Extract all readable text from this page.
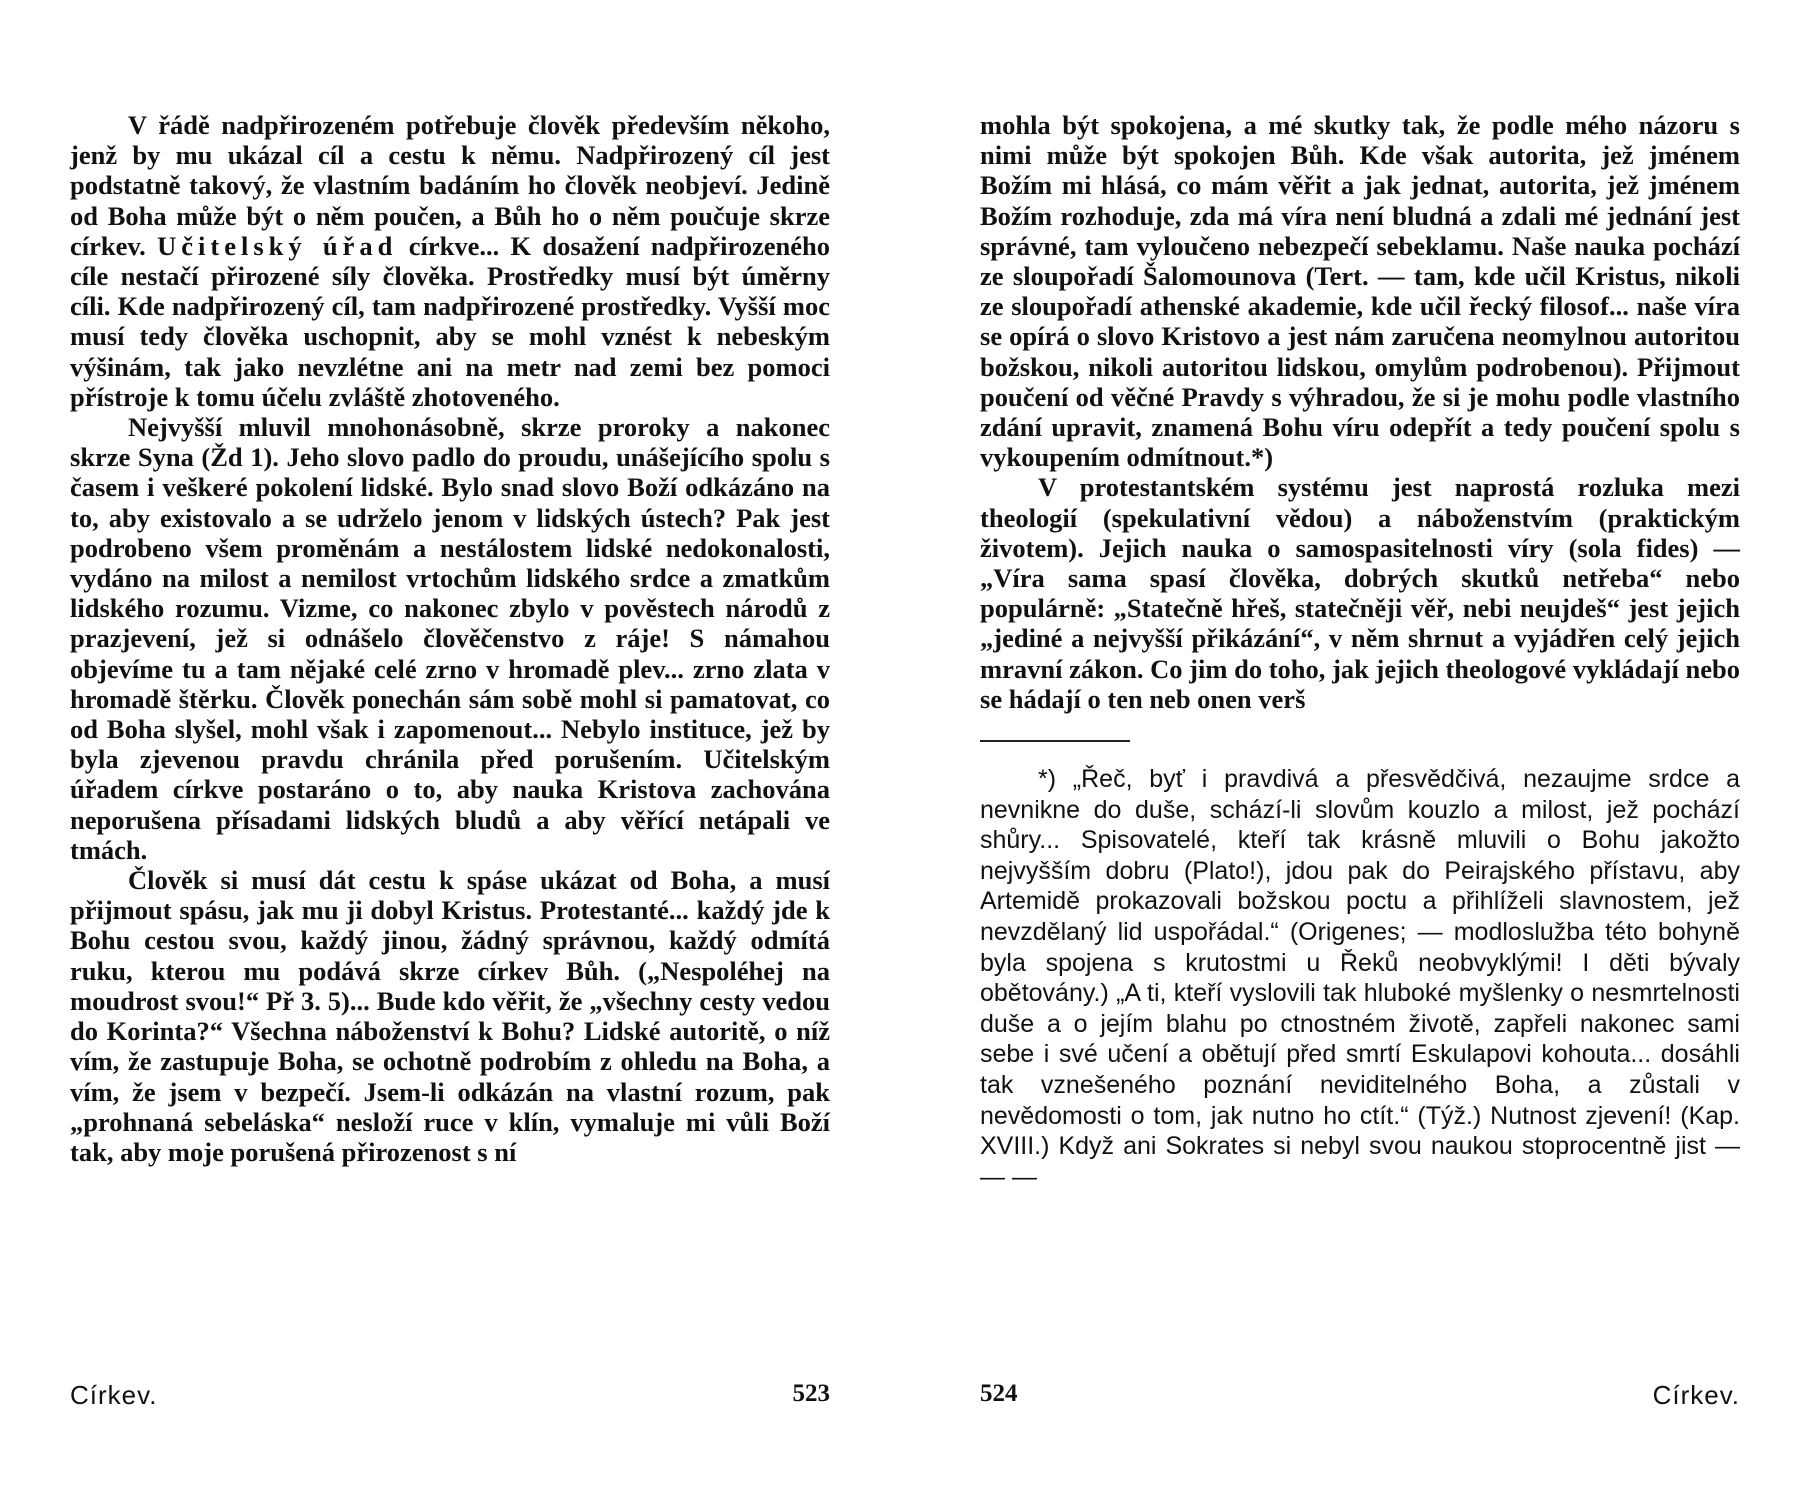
V řádě nadpřirozeném potřebuje člověk především někoho, jenž by mu ukázal cíl a cestu k němu. Nadpřirozený cíl jest podstatně takový, že vlastním badáním ho člověk neobjeví. Jedině od Boha může být o něm poučen, a Bůh ho o něm poučuje skrze církev. Učitelský úřad církve... K dosažení nadpřirozeného cíle nestačí přirozené síly člověka. Prostředky musí být úměrny cíli. Kde nadpřirozený cíl, tam nadpřirozené prostředky. Vyšší moc musí tedy člověka uschopnit, aby se mohl vznést k nebeským výšinám, tak jako nevzlétne ani na metr nad zemi bez pomoci přístroje k tomu účelu zvláště zhotoveného.

Nejvyšší mluvil mnohonásobně, skrze proroky a nakonec skrze Syna (Žd 1). Jeho slovo padlo do proudu, unášejícího spolu s časem i veškeré pokolení lidské. Bylo snad slovo Boží odkázáno na to, aby existovalo a se udrželo jenom v lidských ústech? Pak jest podrobeno všem proměnám a nestálostem lidské nedokonalosti, vydáno na milost a nemilost vrtochům lidského srdce a zmatkům lidského rozumu. Vizme, co nakonec zbylo v pověstech národů z prazjevení, jež si odnášelo člověčenstvo z ráje! S námahou objevíme tu a tam nějaké celé zrno v hromadě plev... zrno zlata v hromadě štěrku. Člověk ponechán sám sobě mohl si pamatovat, co od Boha slyšel, mohl však i zapomenout... Nebylo instituce, jež by byla zjevenou pravdu chránila před porušením. Učitelským úřadem církve postaráno o to, aby nauka Kristova zachována neporušena přísadami lidských bludů a aby věřící netápali ve tmách.

Člověk si musí dát cestu k spáse ukázat od Boha, a musí přijmout spásu, jak mu ji dobyl Kristus. Protestanté... každý jde k Bohu cestou svou, každý jinou, žádný správnou, každý odmítá ruku, kterou mu podává skrze církev Bůh. („Nespoléhej na moudrost svou!“ Př 3. 5)... Bude kdo věřit, že „všechny cesty vedou do Korinta?“ Všechna náboženství k Bohu? Lidské autoritě, o níž vím, že zastupuje Boha, se ochotně podrobím z ohledu na Boha, a vím, že jsem v bezpečí. Jsem-li odkázán na vlastní rozum, pak „prohnaná sebeláska“ nesloží ruce v klín, vymaluje mi vůli Boží tak, aby moje porušená přirozenost s ní

mohla být spokojena, a mé skutky tak, že podle mého názoru s nimi může být spokojen Bůh. Kde však autorita, jež jménem Božím mi hlásá, co mám věřit a jak jednat, autorita, jež jménem Božím rozhoduje, zda má víra není bludná a zdali mé jednání jest správné, tam vyloučeno nebezpečí sebeklamu. Naše nauka pochází ze sloupořadí Šalomounova (Tert. — tam, kde učil Kristus, nikoli ze sloupořadí athenské akademie, kde učil řecký filosof... naše víra se opírá o slovo Kristovo a jest nám zaručena neomylnou autoritou božskou, nikoli autoritou lidskou, omylům podrobenou). Přijmout poučení od věčné Pravdy s výhradou, že si je mohu podle vlastního zdání upravit, znamená Bohu víru odepřít a tedy poučení spolu s vykoupením odmítnout.*)

V protestantském systému jest naprostá rozluka mezi theologií (spekulativní vědou) a náboženstvím (praktickým životem). Jejich nauka o samospasitelnosti víry (sola fides) — „Víra sama spasí člověka, dobrých skutků netřeba“ nebo populárně: „Statečně hřeš, statečněji věř, nebi neujdeš“ jest jejich „jediné a nejvyšší přikázání“, v něm shrnut a vyjádřen celý jejich mravní zákon. Co jim do toho, jak jejich theologové vykládají nebo se hádají o ten neb onen verš

*) „Řeč, byť i pravdivá a přesvědčivá, nezaujme srdce a nevnikne do duše, schází-li slovům kouzlo a milost, jež pochází shůry... Spisovatelé, kteří tak krásně mluvili o Bohu jakožto nejvyšším dobru (Plato!), jdou pak do Peirajského přístavu, aby Artemidě prokazovali božskou poctu a přihlíželi slavnostem, jež nevzdělaný lid uspořádal.“ (Origenes; — modloslužba této bohyně byla spojena s krutostmi u Řeků neobvyklými! I děti bývaly obětovány.) „A ti, kteří vyslovili tak hluboké myšlenky o nesmrtelnosti duše a o jejím blahu po ctnostném životě, zapřeli nakonec sami sebe i své učení a obětují před smrtí Eskulapovi kohouta... dosáhli tak vznešeného poznání neviditelného Boha, a zůstali v nevědomosti o tom, jak nutno ho ctít.“ (Týž.) Nutnost zjevení! (Kap. XVIII.) Když ani Sokrates si nebyl svou naukou stoprocentně jist — — —

Církev.	523	524	Církev.
